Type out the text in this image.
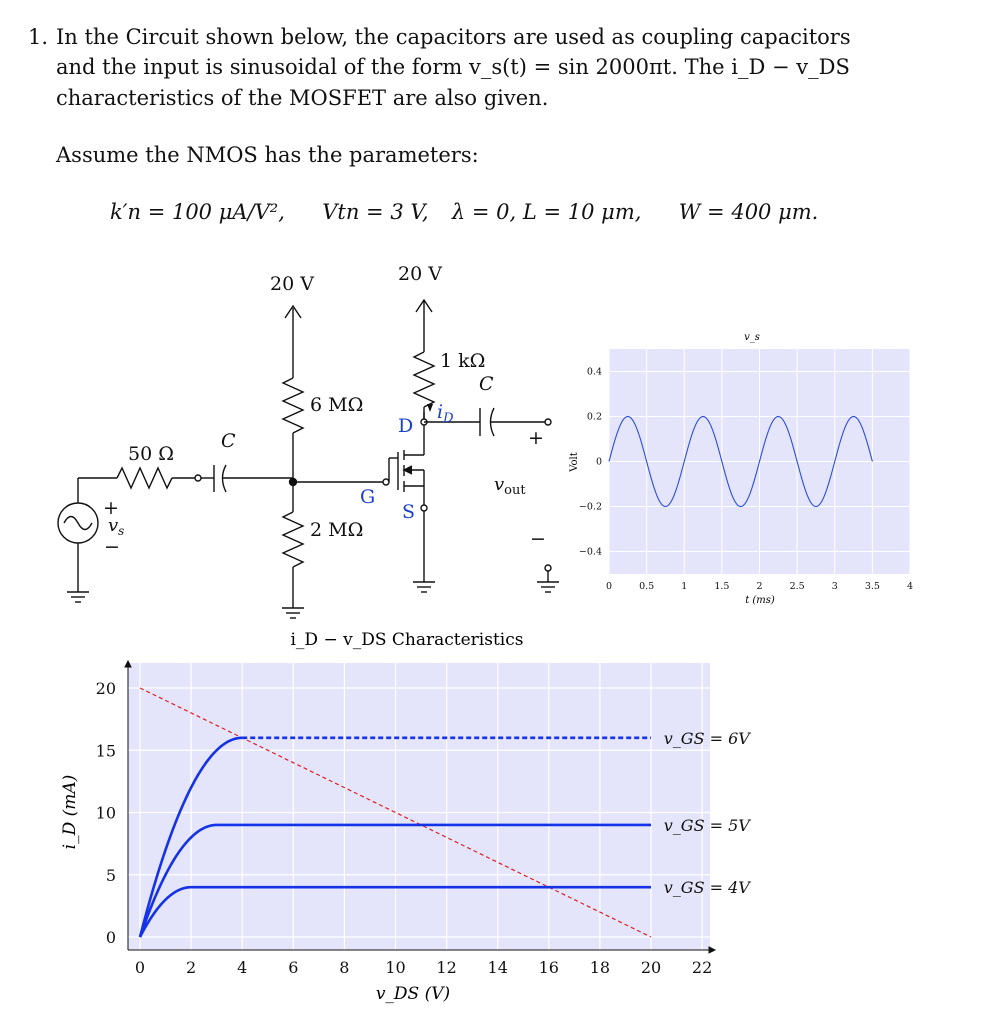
1. In the Circuit shown below, the capacitors are used as coupling capacitors and the input is sinusoidal of the form v_s(t) = sin 2000πt. The i_D − v_DS characteristics of the MOSFET are also given.
Assume the NMOS has the parameters:
k′n = 100 μA/V², Vtn = 3 V, λ = 0, L = 10 μm, W = 400 μm.
20 V	20 V
50 Ω
6 MΩ
2 MΩ
1 kΩ
C
C
+
−
$v_s$
+
−
$v_{out}$
D
G
S
$i_D$
0	0.5	1	1.5	2	2.5	3	3.5	4
0.4
0.2
0
−0.2
−0.4
v_s
t (ms)
Volt
i_D − v_DS Characteristics
0	2	4	6	8 10 12 14 16 18 20 22
20
15
10
5
0
v_GS = 6V
v_GS = 5V
v_GS = 4V
v_DS (V)
i_D (mA)
